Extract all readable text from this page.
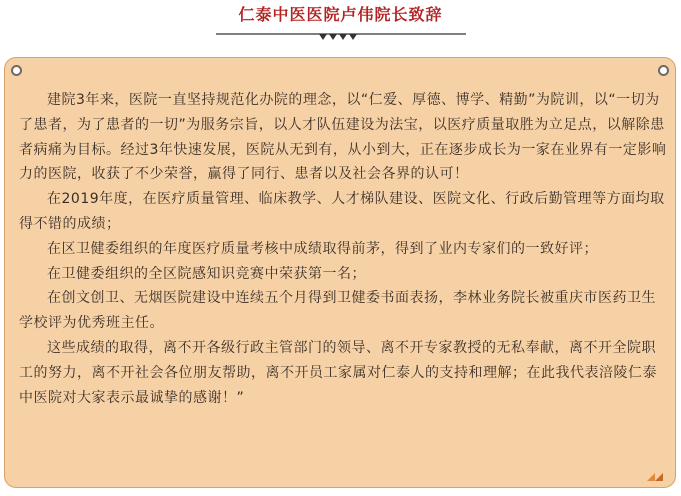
仁泰中医医院卢伟院长致辞

建院3年来，医院一直坚持规范化办院的理念，以“仁爱、厚德、博学、精勤”为院训，以“一切为了患者，为了患者的一切”为服务宗旨，以人才队伍建设为法宝，以医疗质量取胜为立足点，以解除患者病痛为目标。经过3年快速发展，医院从无到有，从小到大，正在逐步成长为一家在业界有一定影响力的医院，收获了不少荣誉，赢得了同行、患者以及社会各界的认可！

在2019年度，在医疗质量管理、临床教学、人才梯队建设、医院文化、行政后勤管理等方面均取得不错的成绩；

在区卫健委组织的年度医疗质量考核中成绩取得前茅，得到了业内专家们的一致好评；

在卫健委组织的全区院感知识竞赛中荣获第一名；

在创文创卫、无烟医院建设中连续五个月得到卫健委书面表扬，李林业务院长被重庆市医药卫生学校评为优秀班主任。

这些成绩的取得，离不开各级行政主管部门的领导、离不开专家教授的无私奉献，离不开全院职工的努力，离不开社会各位朋友帮助，离不开员工家属对仁泰人的支持和理解；在此我代表涪陵仁泰中医院对大家表示最诚挚的感谢！”
